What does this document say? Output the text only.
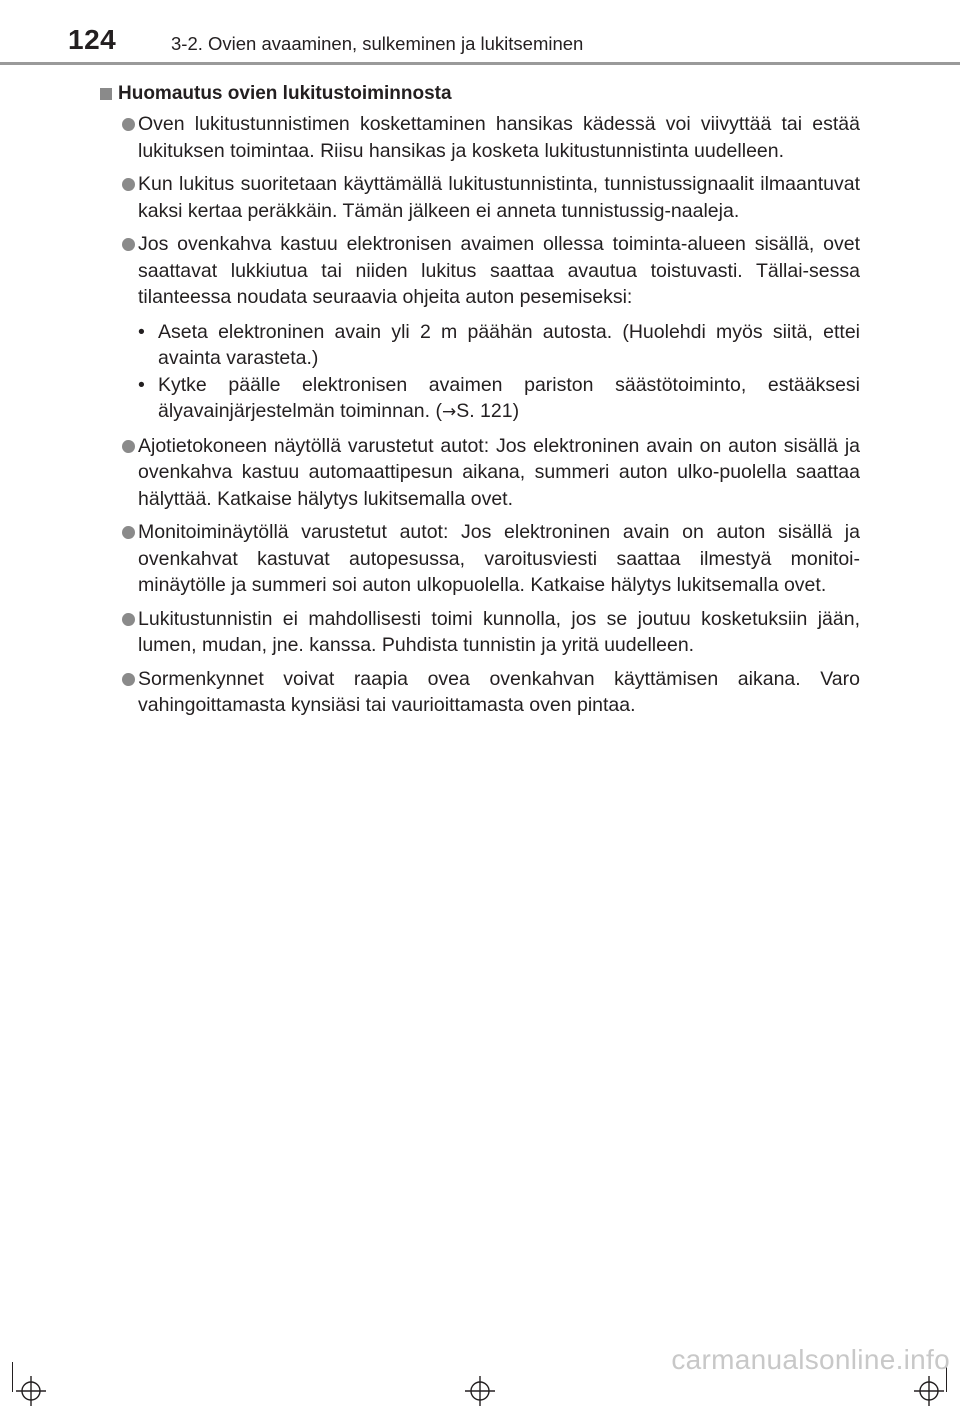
124	3-2. Ovien avaaminen, sulkeminen ja lukitseminen
Huomautus ovien lukitustoiminnosta
Oven lukitustunnistimen koskettaminen hansikas kädessä voi viivyttää tai estää lukituksen toimintaa. Riisu hansikas ja kosketa lukitustunnistinta uudelleen.
Kun lukitus suoritetaan käyttämällä lukitustunnistinta, tunnistussignaalit ilmaantuvat kaksi kertaa peräkkäin. Tämän jälkeen ei anneta tunnistussig-naaleja.
Jos ovenkahva kastuu elektronisen avaimen ollessa toiminta-alueen sisällä, ovet saattavat lukkiutua tai niiden lukitus saattaa avautua toistuvasti. Tällai-sessa tilanteessa noudata seuraavia ohjeita auton pesemiseksi:
• Aseta elektroninen avain yli 2 m päähän autosta. (Huolehdi myös siitä, ettei avainta varasteta.)
• Kytke päälle elektronisen avaimen pariston säästötoiminto, estääksesi älyavainjärjestelmän toiminnan. (→S. 121)
Ajotietokoneen näytöllä varustetut autot: Jos elektroninen avain on auton sisällä ja ovenkahva kastuu automaattipesun aikana, summeri auton ulko-puolella saattaa hälyttää. Katkaise hälytys lukitsemalla ovet.
Monitoiminäytöllä varustetut autot: Jos elektroninen avain on auton sisällä ja ovenkahvat kastuvat autopesussa, varoitusviesti saattaa ilmestyä monitoi-minäytölle ja summeri soi auton ulkopuolella. Katkaise hälytys lukitsemalla ovet.
Lukitustunnistin ei mahdollisesti toimi kunnolla, jos se joutuu kosketuksiin jään, lumen, mudan, jne. kanssa. Puhdista tunnistin ja yritä uudelleen.
Sormenkynnet voivat raapia ovea ovenkahvan käyttämisen aikana. Varo vahingoittamasta kynsiäsi tai vaurioittamasta oven pintaa.
carmanualsonline.info
